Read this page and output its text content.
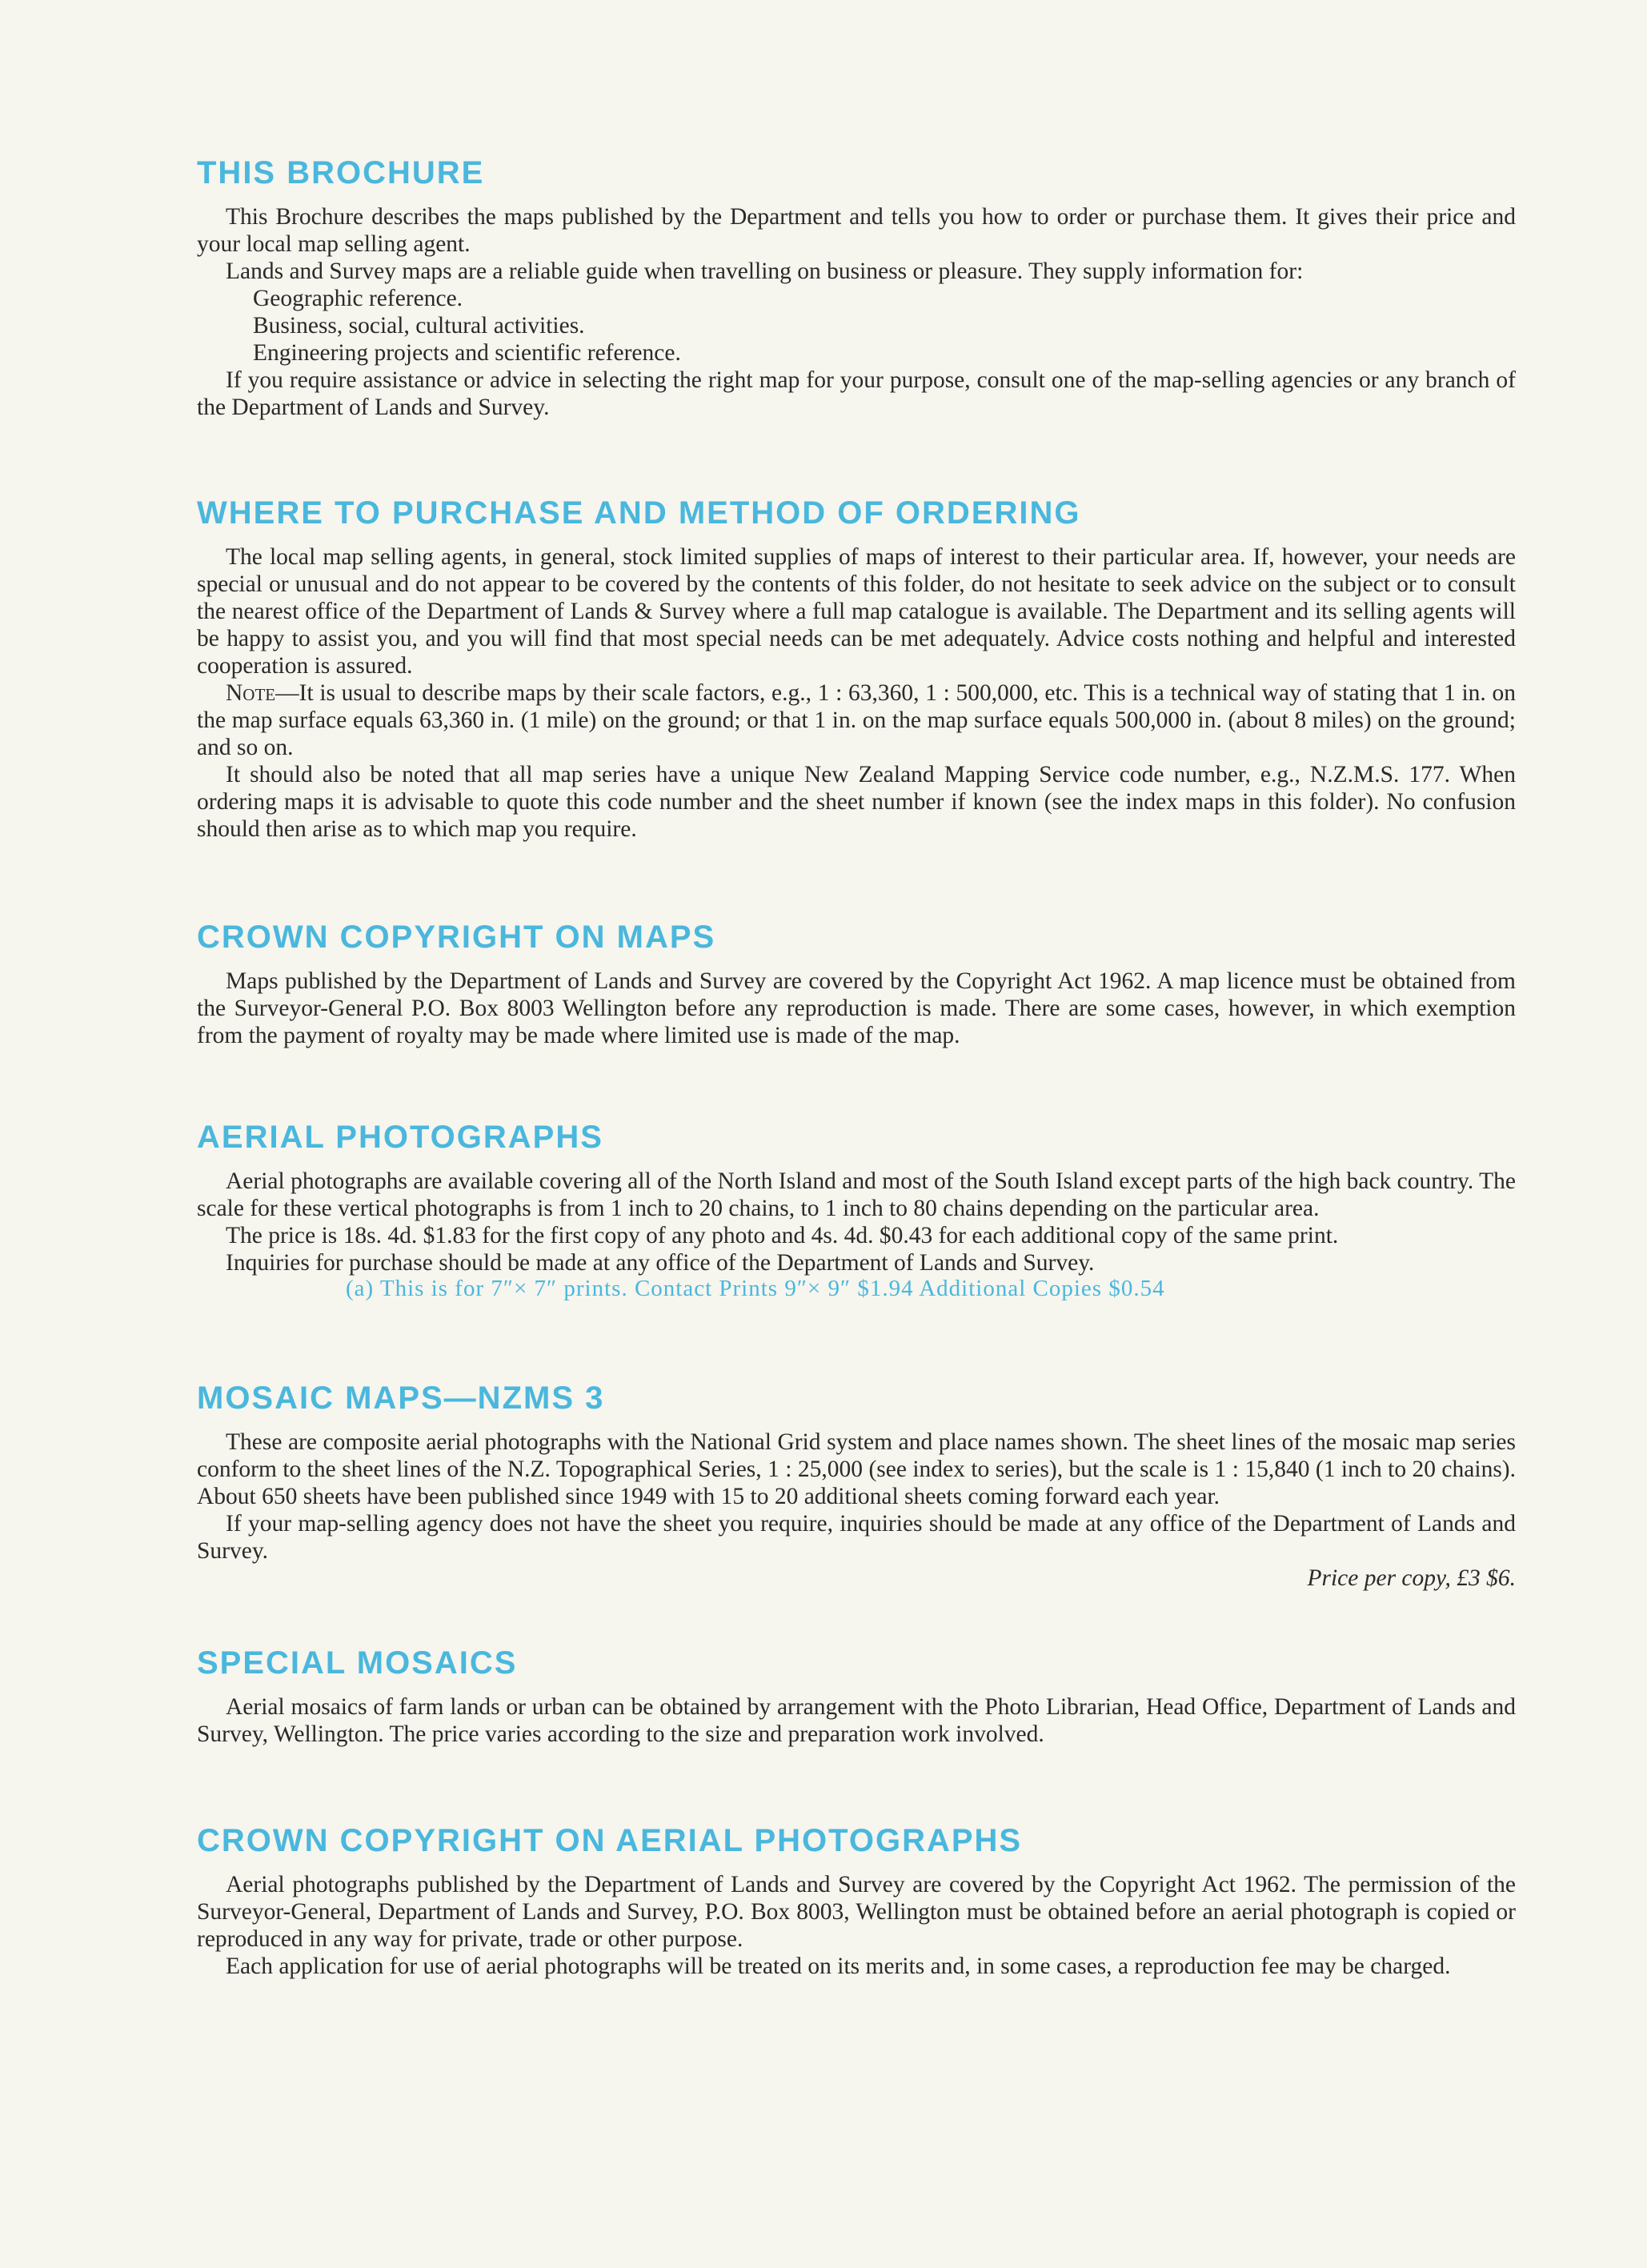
THIS BROCHURE

This Brochure describes the maps published by the Department and tells you how to order or purchase them. It gives their price and your local map selling agent.

Lands and Survey maps are a reliable guide when travelling on business or pleasure. They supply information for:

Geographic reference.
Business, social, cultural activities.
Engineering projects and scientific reference.

If you require assistance or advice in selecting the right map for your purpose, consult one of the map-selling agencies or any branch of the Department of Lands and Survey.

WHERE TO PURCHASE AND METHOD OF ORDERING

The local map selling agents, in general, stock limited supplies of maps of interest to their particular area. If, however, your needs are special or unusual and do not appear to be covered by the contents of this folder, do not hesitate to seek advice on the subject or to consult the nearest office of the Department of Lands & Survey where a full map catalogue is available. The Department and its selling agents will be happy to assist you, and you will find that most special needs can be met adequately. Advice costs nothing and helpful and interested cooperation is assured.

Note—It is usual to describe maps by their scale factors, e.g., 1 : 63,360, 1 : 500,000, etc. This is a technical way of stating that 1 in. on the map surface equals 63,360 in. (1 mile) on the ground; or that 1 in. on the map surface equals 500,000 in. (about 8 miles) on the ground; and so on.

It should also be noted that all map series have a unique New Zealand Mapping Service code number, e.g., N.Z.M.S. 177. When ordering maps it is advisable to quote this code number and the sheet number if known (see the index maps in this folder). No confusion should then arise as to which map you require.

CROWN COPYRIGHT ON MAPS

Maps published by the Department of Lands and Survey are covered by the Copyright Act 1962. A map licence must be obtained from the Surveyor-General P.O. Box 8003 Wellington before any reproduction is made. There are some cases, however, in which exemption from the payment of royalty may be made where limited use is made of the map.

AERIAL PHOTOGRAPHS

Aerial photographs are available covering all of the North Island and most of the South Island except parts of the high back country. The scale for these vertical photographs is from 1 inch to 20 chains, to 1 inch to 80 chains depending on the particular area.

The price is 18s. 4d. $1.83 for the first copy of any photo and 4s. 4d. $0.43 for each additional copy of the same print.

Inquiries for purchase should be made at any office of the Department of Lands and Survey.

(a) This is for 7″× 7″ prints. Contact Prints 9″× 9″ $1.94 Additional Copies $0.54
MOSAIC MAPS—NZMS 3

These are composite aerial photographs with the National Grid system and place names shown. The sheet lines of the mosaic map series conform to the sheet lines of the N.Z. Topographical Series, 1 : 25,000 (see index to series), but the scale is 1 : 15,840 (1 inch to 20 chains). About 650 sheets have been published since 1949 with 15 to 20 additional sheets coming forward each year.

If your map-selling agency does not have the sheet you require, inquiries should be made at any office of the Department of Lands and Survey.

Price per copy, £3 $6.

SPECIAL MOSAICS

Aerial mosaics of farm lands or urban can be obtained by arrangement with the Photo Librarian, Head Office, Department of Lands and Survey, Wellington. The price varies according to the size and preparation work involved.

CROWN COPYRIGHT ON AERIAL PHOTOGRAPHS

Aerial photographs published by the Department of Lands and Survey are covered by the Copyright Act 1962. The permission of the Surveyor-General, Department of Lands and Survey, P.O. Box 8003, Wellington must be obtained before an aerial photograph is copied or reproduced in any way for private, trade or other purpose.

Each application for use of aerial photographs will be treated on its merits and, in some cases, a reproduction fee may be charged.
